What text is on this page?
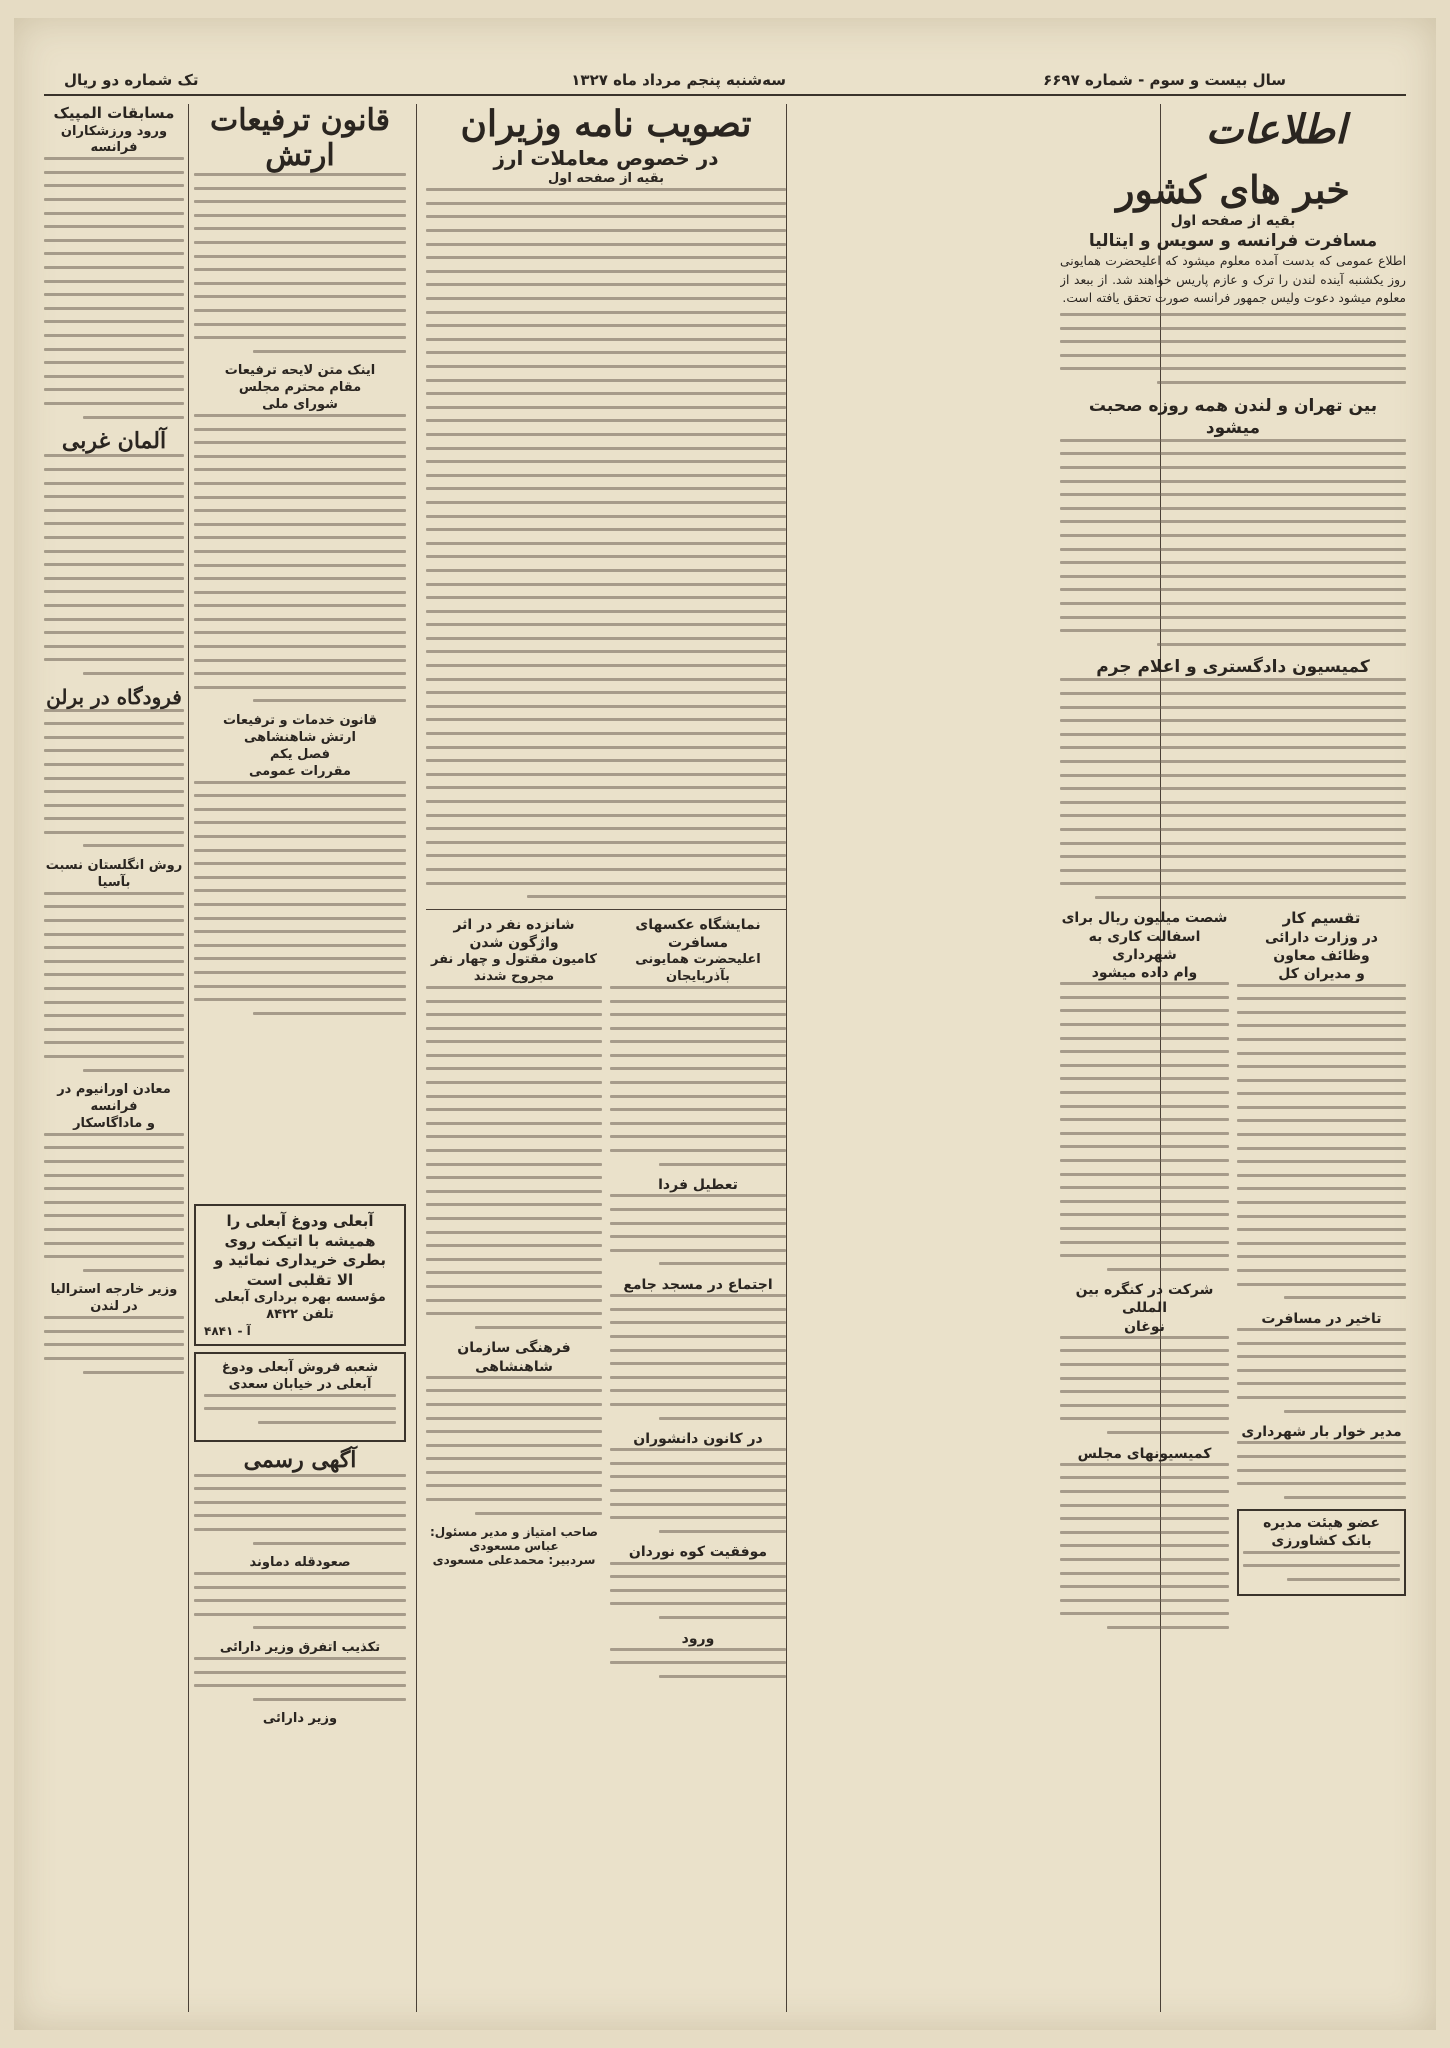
سال بیست و سوم - شماره ۶۶۹۷
سه‌شنبه پنجم مرداد ماه ۱۳۲۷
تک شماره دو ریال
اطلاعات
خبر های کشور
بقیه از صفحه اول
مسافرت فرانسه و سویس و ایتالیا

اطلاع عمومی که بدست آمده معلوم میشود که اعلیحضرت همایونی روز یکشنبه آینده لندن را ترک و عازم پاریس خواهند شد. از ببعد از معلوم میشود دعوت ولیس جمهور فرانسه صورت تحقق یافته است.

بین تهران و لندن همه روزه صحبت میشود
کمیسیون دادگستری و اعلام جرم
تقسیم کار
در وزارت دارائی
وظائف معاون
و مدیران کل
تاخیر در مسافرت
مدیر خوار بار شهرداری
عضو هیئت مدیره
بانک کشاورزی
شصت میلیون ریال برای
اسفالت کاری به شهرداری
وام داده میشود
شرکت در کنگره بین المللی
نوغان
کمیسیونهای مجلس
تصویب نامه وزیران
در خصوص معاملات ارز
بقیه از صفحه اول
نمایشگاه عکسهای مسافرت
اعلیحضرت همایونی بآذربایجان
تعطیل فردا
اجتماع در مسجد جامع
در کانون دانشوران
موفقیت کوه نوردان
ورود
شانزده نفر در اثر واژگون شدن
کامیون مقتول و چهار نفر
مجروح شدند
فرهنگی سازمان شاهنشاهی
صاحب امتیاز و مدیر مسئول: عباس مسعودی
سردبیر: محمدعلی مسعودی
قانون ترفیعات ارتش
اینک متن لایحه ترفیعات
مقام محترم مجلس
شورای ملی
قانون خدمات و ترفیعات
ارتش شاهنشاهی
فصل یکم
مقررات عمومی
آبعلی ودوغ آبعلی را همیشه با اتیکت روی بطری خریداری نمائید و الا تقلبی است
مؤسسه بهره برداری آبعلی تلفن ۸۴۲۲
آ - ۴۸۴۱
شعبه فروش آبعلی ودوغ آبعلی در خیابان سعدی
آگهی رسمی
صعودقله دماوند
تکذیب اتفرق وزیر دارائی
وزیر دارائی
مسابقات المپیک
ورود ورزشکاران فرانسه
آلمان غربی
فرودگاه در برلن
روش انگلستان نسبت بآسیا
معادن اورانیوم در فرانسه
و ماداگاسکار
وزیر خارجه استرالیا
در لندن
